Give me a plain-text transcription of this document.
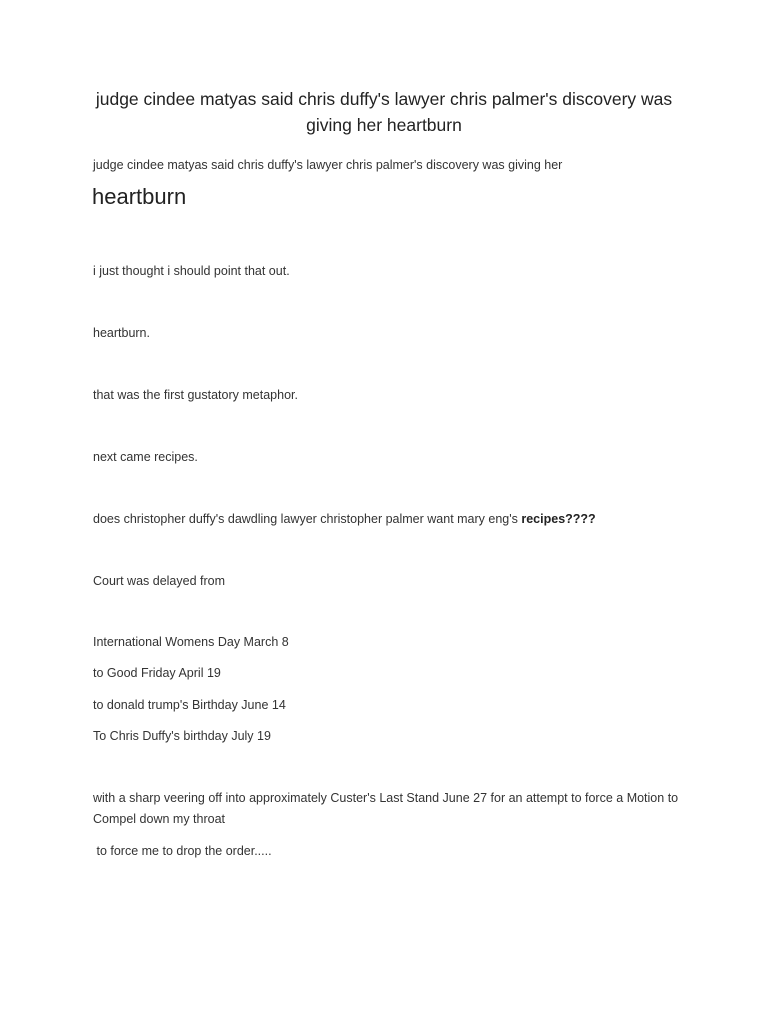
judge cindee matyas said chris duffy's lawyer chris palmer's discovery was giving her heartburn

judge cindee matyas said chris duffy's lawyer chris palmer's discovery was giving her

heartburn

i just thought i should point that out.

heartburn.

that was the first gustatory metaphor.

next came recipes.

does christopher duffy's dawdling lawyer christopher palmer want mary eng's recipes????

Court was delayed from

International Womens Day March 8

to Good Friday April 19

to donald trump's Birthday June 14

To Chris Duffy's birthday July 19

with a sharp veering off into approximately Custer's Last Stand June 27 for an attempt to force a Motion to Compel down my throat

to force me to drop the order.....
